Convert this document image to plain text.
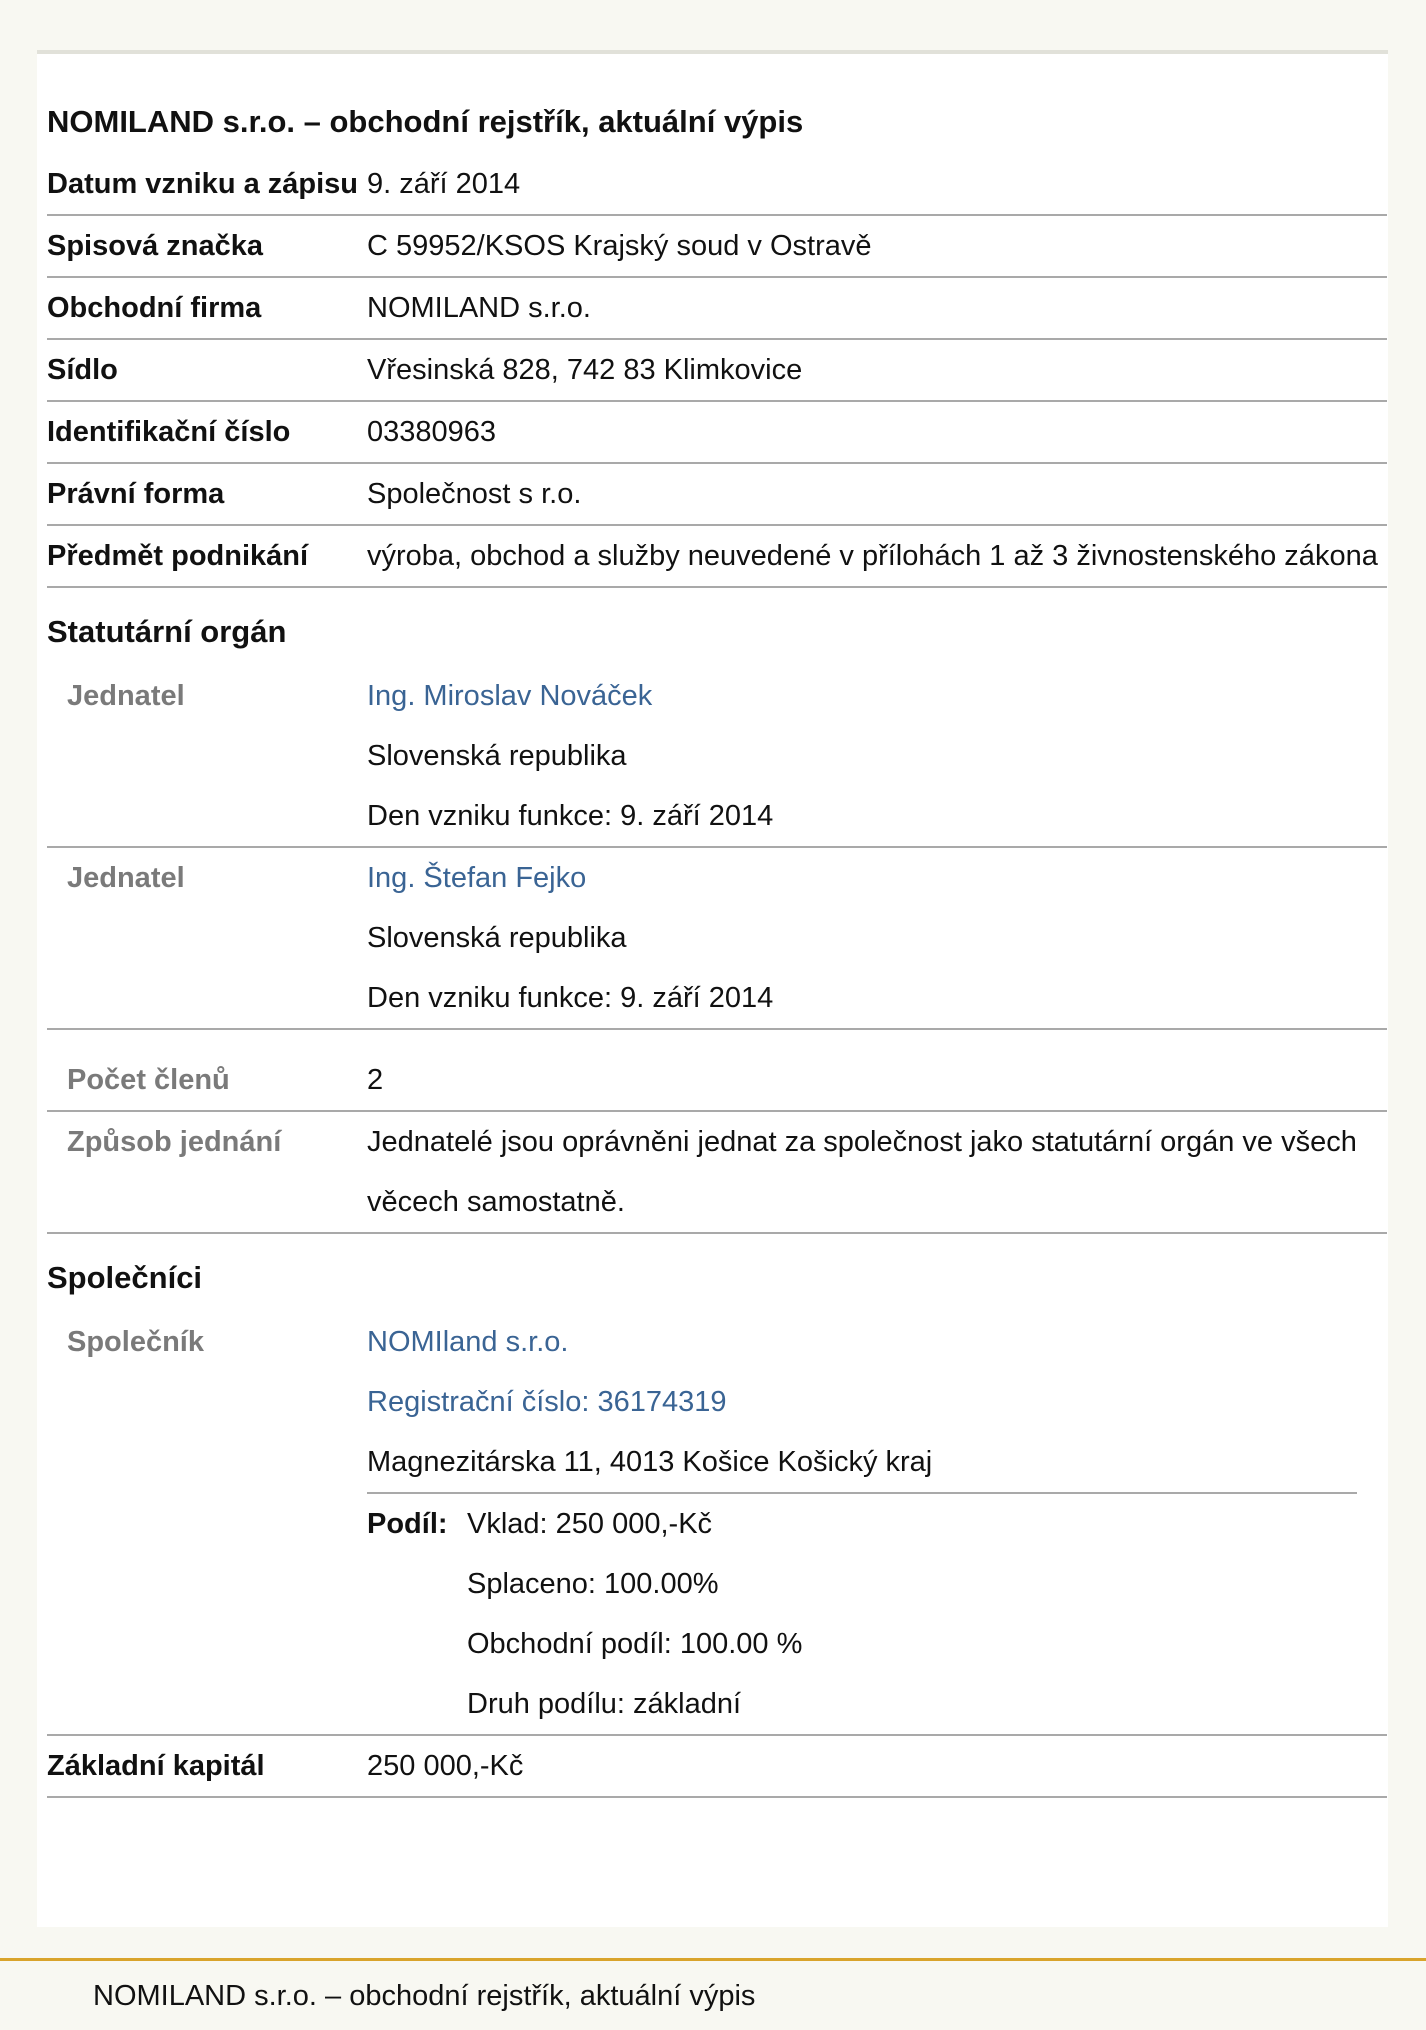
NOMILAND s.r.o. – obchodní rejstřík, aktuální výpis
Datum vzniku a zápisu 9. září 2014
Spisová značka	C 59952/KSOS Krajský soud v Ostravě
Obchodní firma	NOMILAND s.r.o.
Sídlo	Vřesinská 828, 742 83 Klimkovice
Identifikační číslo	03380963
Právní forma	Společnost s r.o.
Předmět podnikání	výroba, obchod a služby neuvedené v přílohách 1 až 3 živnostenského zákona
Statutární orgán
Jednatel	Ing. Miroslav Nováček
Slovenská republika
Den vzniku funkce: 9. září 2014
Jednatel	Ing. Štefan Fejko
Slovenská republika
Den vzniku funkce: 9. září 2014
Počet členů	2
Způsob jednání	Jednatelé jsou oprávněni jednat za společnost jako statutární orgán ve všech věcech samostatně.
Společníci
Společník	NOMIland s.r.o.
Registrační číslo: 36174319
Magnezitárska 11, 4013 Košice Košický kraj
Podíl: Vklad: 250 000,-Kč
Splaceno: 100.00%
Obchodní podíl: 100.00 %
Druh podílu: základní
Základní kapitál	250 000,-Kč
NOMILAND s.r.o. – obchodní rejstřík, aktuální výpis
